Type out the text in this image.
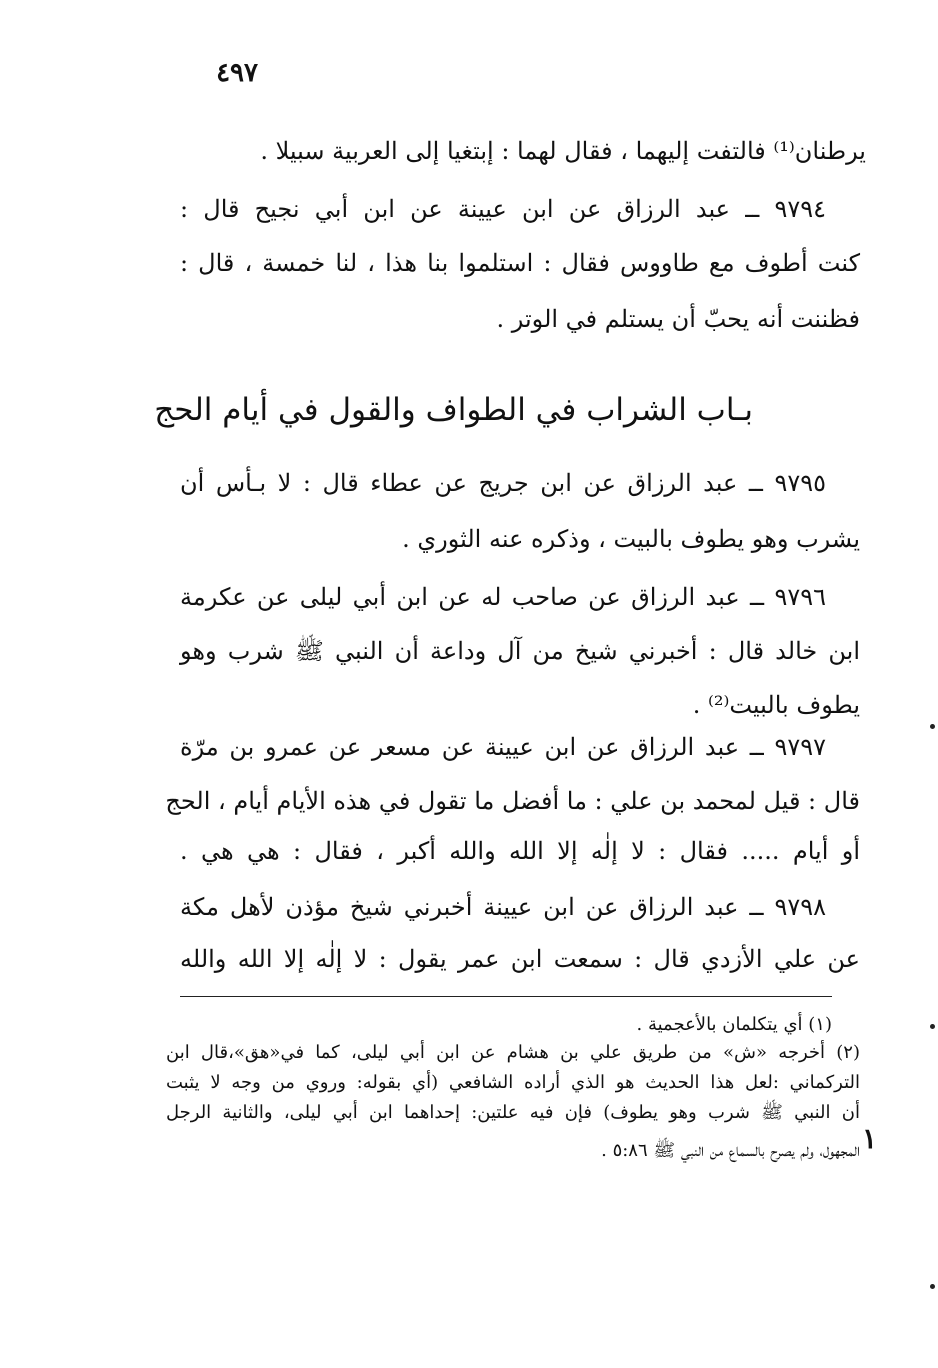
٤٩٧
يرطنان⁽¹⁾ فالتفت إليهما ، فقال لهما : إبتغيا إلى العربية سبيلا .
٩٧٩٤ ــ عبد الرزاق عن ابن عيينة عن ابن أبي نجيح قال :
كنت أطوف مع طاووس فقال : استلموا بنا هذا ، لنا خمسة ، قال :
فظننت أنه يحبّ أن يستلم في الوتر .
بـاب الشراب في الطواف والقول في أيام الحج
٩٧٩٥ ــ عبد الرزاق عن ابن جريج عن عطاء قال : لا بـأس أن
يشرب وهو يطوف بالبيت ، وذكره عنه الثوري .
٩٧٩٦ ــ عبد الرزاق عن صاحب له عن ابن أبي ليلى عن عكرمة
ابن خالد قال : أخبرني شيخ من آل وداعة أن النبي ﷺ شرب وهو
يطوف بالبيت⁽²⁾ .
٩٧٩٧ ــ عبد الرزاق عن ابن عيينة عن مسعر عن عمرو بن مرّة
قال : قيل لمحمد بن علي : ما أفضل ما تقول في هذه الأيام أيام ، الحج
أو أيام ..... فقال : لا إلٰه إلا الله والله أكبر ، فقال : هي هي .
٩٧٩٨ ــ عبد الرزاق عن ابن عيينة أخبرني شيخ مؤذن لأهل مكة
عن علي الأزدي قال : سمعت ابن عمر يقول : لا إلٰه إلا الله والله
(١) أي يتكلمان بالأعجمية .
(٢) أخرجه «ش» من طريق علي بن هشام عن ابن أبي ليلى، كما في«هق»،قال ابن
التركماني :لعل هذا الحديث هو الذي أراده الشافعي (أي بقوله: وروي من وجه لا يثبت
أن النبي ﷺ شرب وهو يطوف) فإن فيه علتين: إحداهما ابن أبي ليلى، والثانية الرجل
المجهول، ولم يصرح بالسماع من النبي ﷺ ٥:٨٦ . ١
